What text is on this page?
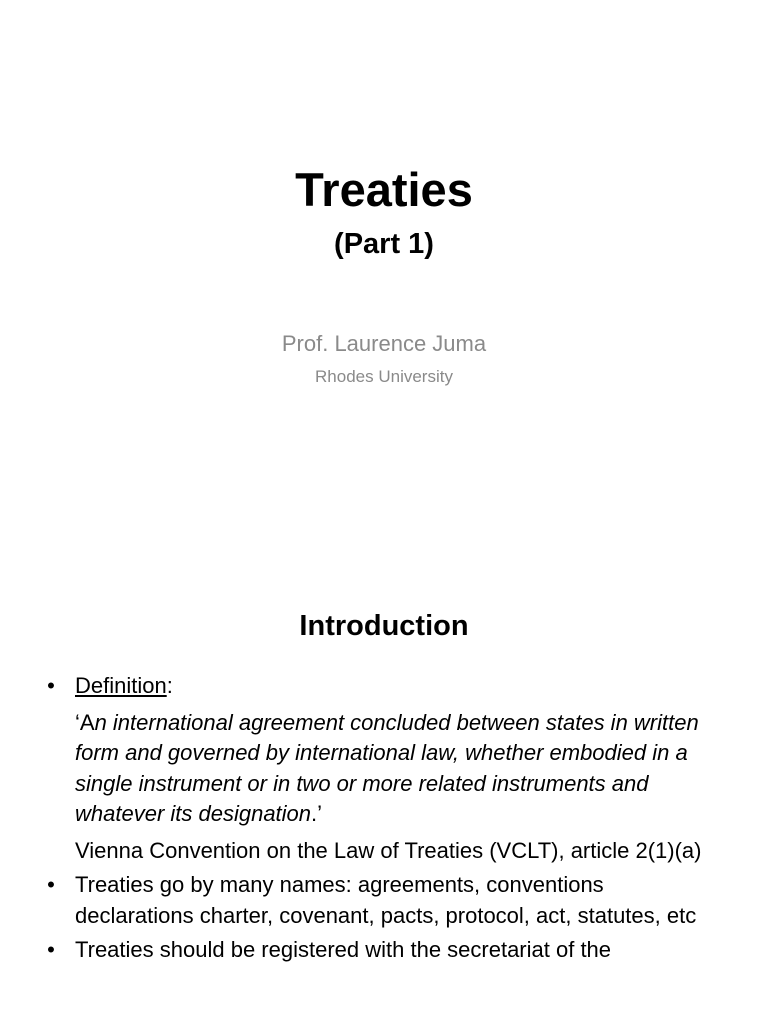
Treaties
(Part 1)
Prof. Laurence Juma
Rhodes University
Introduction
• Definition:
‘An international agreement concluded between states in written form and governed by international law, whether embodied in a single instrument or in two or more related instruments and whatever its designation.’
Vienna Convention on the Law of Treaties (VCLT), article 2(1)(a)
• Treaties go by many names: agreements, conventions declarations charter, covenant, pacts, protocol, act, statutes, etc
• Treaties should be registered with the secretariat of the
